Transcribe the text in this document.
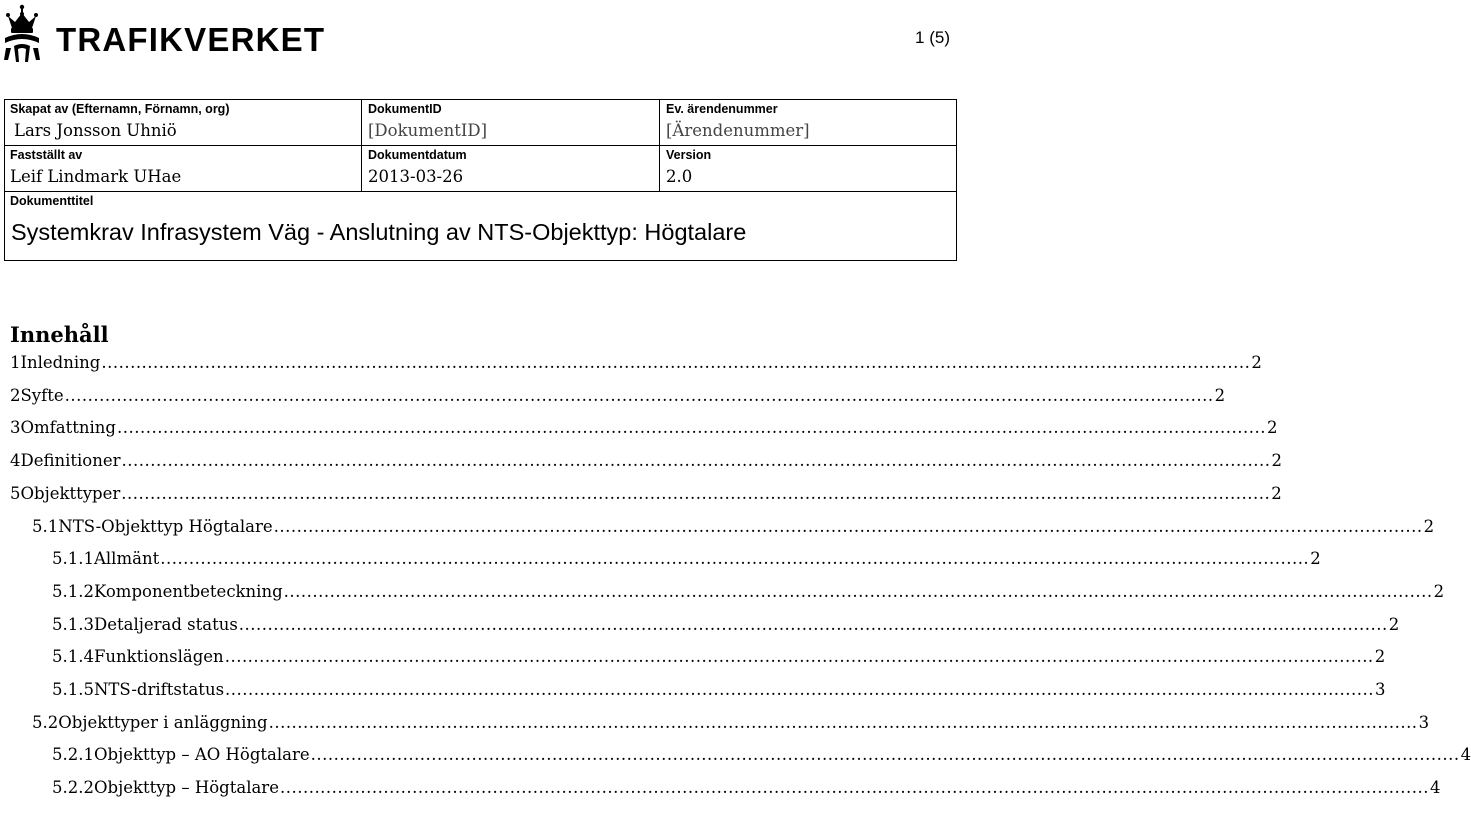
TRAFIKVERKET	1 (5)
Skapat av (Efternamn, Förnamn, org)
Lars Jonsson Uhniö
DokumentID
[DokumentID]
Ev. ärendenummer
[Ärendenummer]
Fastställt av
Leif Lindmark UHae
Dokumentdatum
2013-03-26
Version
2.0
Dokumenttitel
Systemkrav Infrasystem Väg - Anslutning av NTS-Objekttyp: Högtalare
Innehåll
1 Inledning ........................................................................................................................................................................................................ 2
2 Syfte ........................................................................................................................................................................................................ 2
3 Omfattning ........................................................................................................................................................................................................ 2
4 Definitioner ........................................................................................................................................................................................................ 2
5 Objekttyper ........................................................................................................................................................................................................ 2
5.1 NTS-Objekttyp Högtalare ........................................................................................................................................................................................................ 2
5.1.1 Allmänt ........................................................................................................................................................................................................ 2
5.1.2 Komponentbeteckning ........................................................................................................................................................................................................ 2
5.1.3 Detaljerad status ........................................................................................................................................................................................................ 2
5.1.4 Funktionslägen ........................................................................................................................................................................................................ 2
5.1.5 NTS-driftstatus ........................................................................................................................................................................................................ 3
5.2 Objekttyper i anläggning ........................................................................................................................................................................................................ 3
5.2.1 Objekttyp – AO Högtalare ........................................................................................................................................................................................................ 4
5.2.2 Objekttyp – Högtalare ........................................................................................................................................................................................................ 4
